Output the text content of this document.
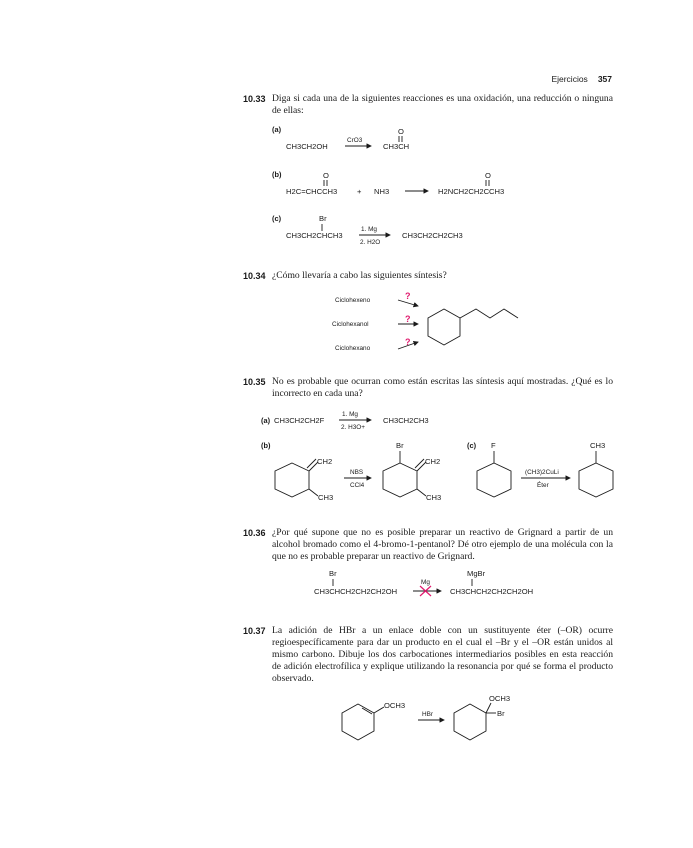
Ejercicios 357
10.33 Diga si cada una de la siguientes reacciones es una oxidación, una reducción o ninguna de ellas:
10.34 ¿Cómo llevaría a cabo las siguientes síntesis?
10.35 No es probable que ocurran como están escritas las síntesis aquí mostradas. ¿Qué es lo incorrecto en cada una?
10.36 ¿Por qué supone que no es posible preparar un reactivo de Grignard a partir de un alcohol bromado como el 4-bromo-1-pentanol? Dé otro ejemplo de una molécula con la que no es probable preparar un reactivo de Grignard.
10.37 La adición de HBr a un enlace doble con un sustituyente éter (–OR) ocurre regioespecíficamente para dar un producto en el cual el –Br y el –OR están unidos al mismo carbono. Dibuje los dos carbocationes intermediarios posibles en esta reacción de adición electrofílica y explique utilizando la resonancia por qué se forma el producto observado.
(a)
CH3CH2OH
CrO3
CH3CH
O
(b)
H2C=CHCCH3
O
+ NH3	H2NCH2CH2CCH3
O
(c)	Br
CH3CH2CHCH3
1. Mg
2. H2O
CH3CH2CH2CH3
Ciclohexeno
Ciclohexanol
Ciclohexano
?
?
?
(a) CH3CH2CH2F
1. Mg
2. H3O+
CH3CH2CH3
(b)
CH2
CH3
NBS
CCl4
Br
CH2
CH3
(c) F
(CH3)2CuLi
Éter
CH3
Br
CH3CHCH2CH2CH2OH
Mg
MgBr
CH3CHCH2CH2CH2OH
OCH3
HBr
OCH3
Br
